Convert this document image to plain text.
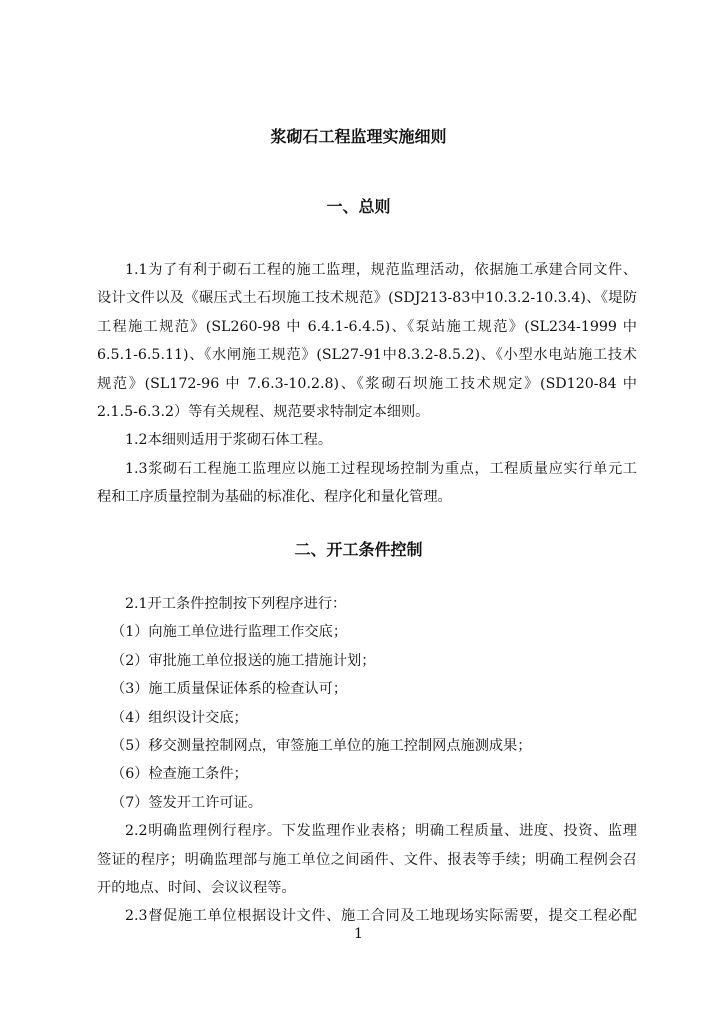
浆砌石工程监理实施细则
一、总则
1.1为了有利于砌石工程的施工监理，规范监理活动，依据施工承建合同文件、
设计文件以及《碾压式土石坝施工技术规范》(SDJ213-83中10.3.2-10.3.4)、《堤防
工程施工规范》(SL260-98 中 6.4.1-6.4.5)、《泵站施工规范》(SL234-1999 中
6.5.1-6.5.11)、《水闸施工规范》(SL27-91中8.3.2-8.5.2)、《小型水电站施工技术
规范》(SL172-96 中 7.6.3-10.2.8)、《浆砌石坝施工技术规定》(SD120-84 中
2.1.5-6.3.2）等有关规程、规范要求特制定本细则。
1.2本细则适用于浆砌石体工程。
1.3浆砌石工程施工监理应以施工过程现场控制为重点，工程质量应实行单元工
程和工序质量控制为基础的标准化、程序化和量化管理。
二、开工条件控制
2.1开工条件控制按下列程序进行：
（1）向施工单位进行监理工作交底；
（2）审批施工单位报送的施工措施计划；
（3）施工质量保证体系的检查认可；
（4）组织设计交底；
（5）移交测量控制网点，审签施工单位的施工控制网点施测成果；
（6）检查施工条件；
（7）签发开工许可证。
2.2明确监理例行程序。下发监理作业表格；明确工程质量、进度、投资、监理
签证的程序；明确监理部与施工单位之间函件、文件、报表等手续；明确工程例会召
开的地点、时间、会议议程等。
2.3督促施工单位根据设计文件、施工合同及工地现场实际需要，提交工程必配
1
